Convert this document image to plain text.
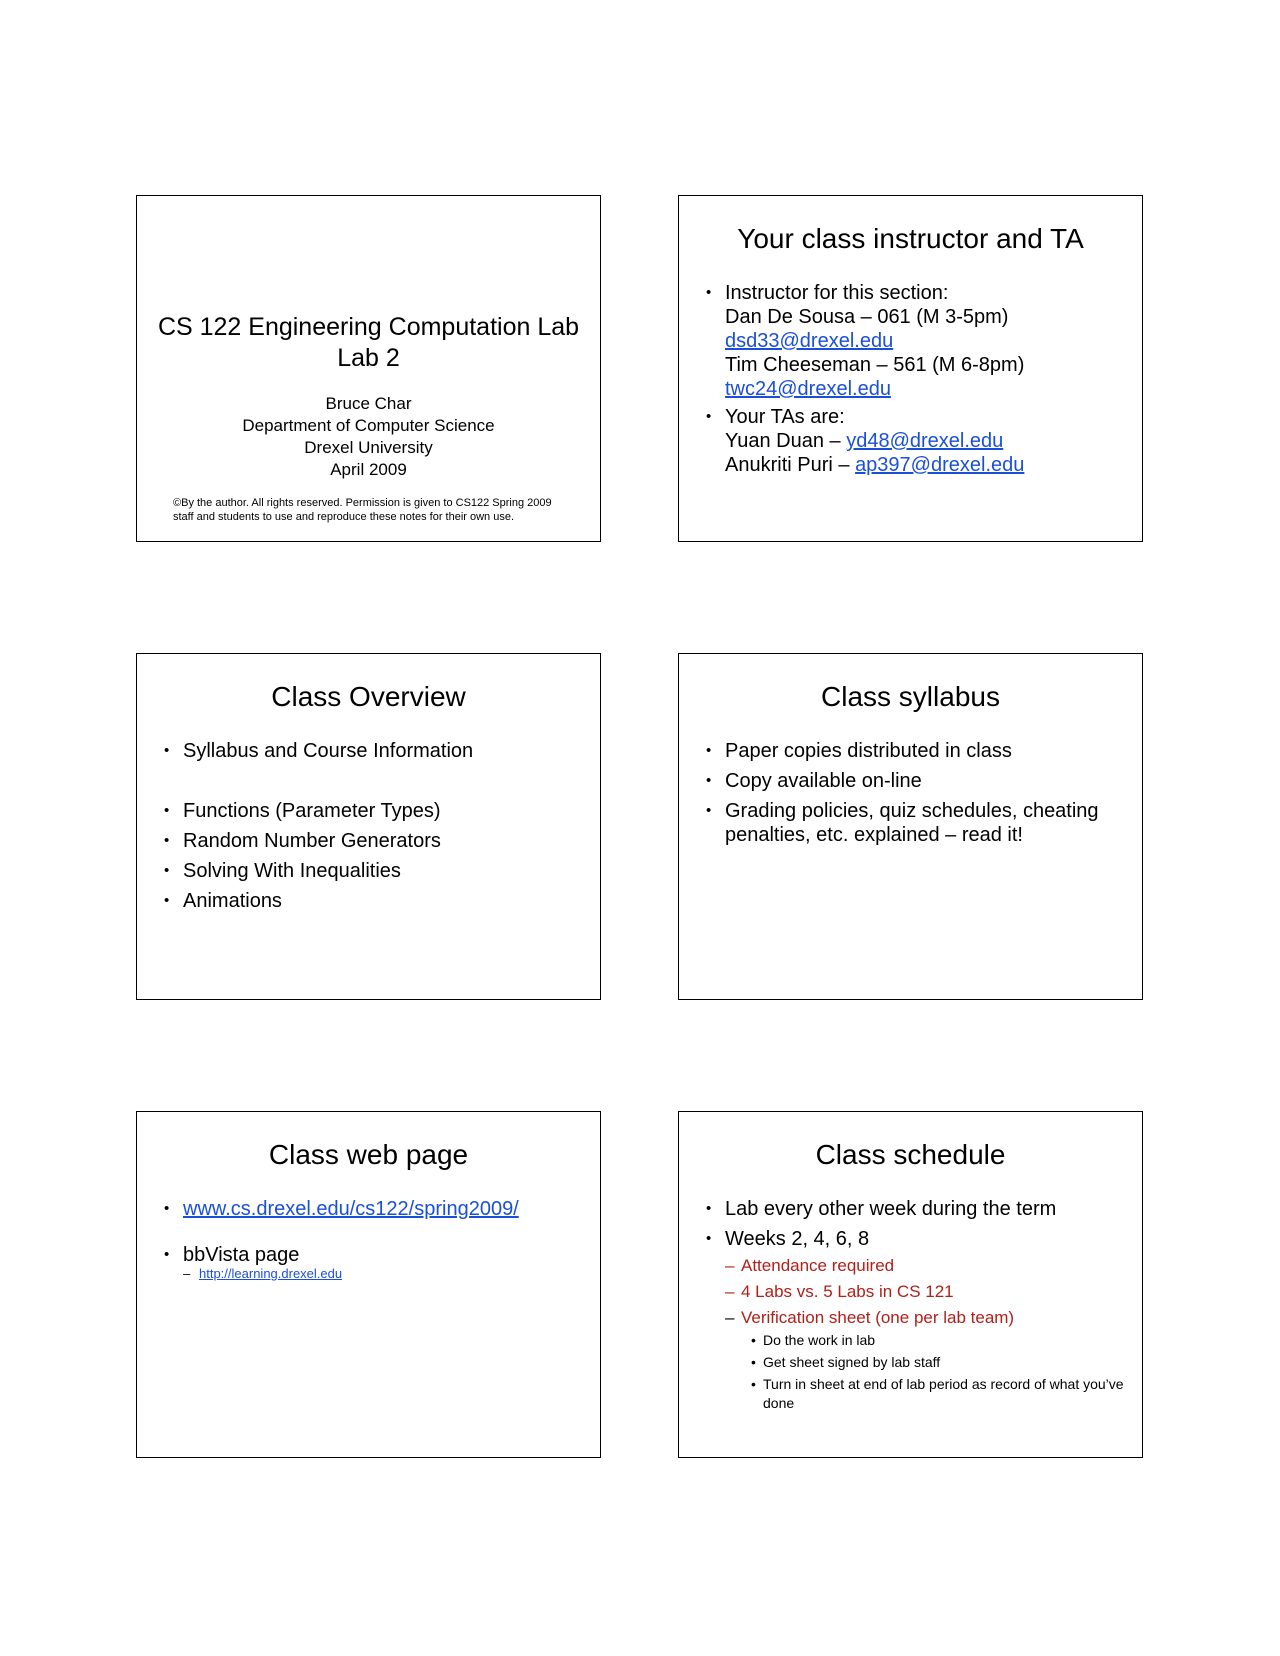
CS 122 Engineering Computation Lab
Lab 2
Bruce Char
Department of Computer Science
Drexel University
April 2009
©By the author. All rights reserved. Permission is given to CS122 Spring 2009
staff and students to use and reproduce these notes for their own use.
Your class instructor and TA
• Instructor for this section:
Dan De Sousa – 061 (M 3-5pm)
dsd33@drexel.edu
Tim Cheeseman – 561 (M 6-8pm)
twc24@drexel.edu
• Your TAs are:
Yuan Duan – yd48@drexel.edu
Anukriti Puri – ap397@drexel.edu
Class Overview
• Syllabus and Course Information
• Functions (Parameter Types)
• Random Number Generators
• Solving With Inequalities
• Animations
Class syllabus
• Paper copies distributed in class
• Copy available on-line
• Grading policies, quiz schedules, cheating penalties, etc. explained – read it!
Class web page
• www.cs.drexel.edu/cs122/spring2009/
• bbVista page
– http://learning.drexel.edu
Class schedule
• Lab every other week during the term
• Weeks 2, 4, 6, 8
– Attendance required
– 4 Labs vs. 5 Labs in CS 121
– Verification sheet (one per lab team)
• Do the work in lab
• Get sheet signed by lab staff
• Turn in sheet at end of lab period as record of what you’ve done
